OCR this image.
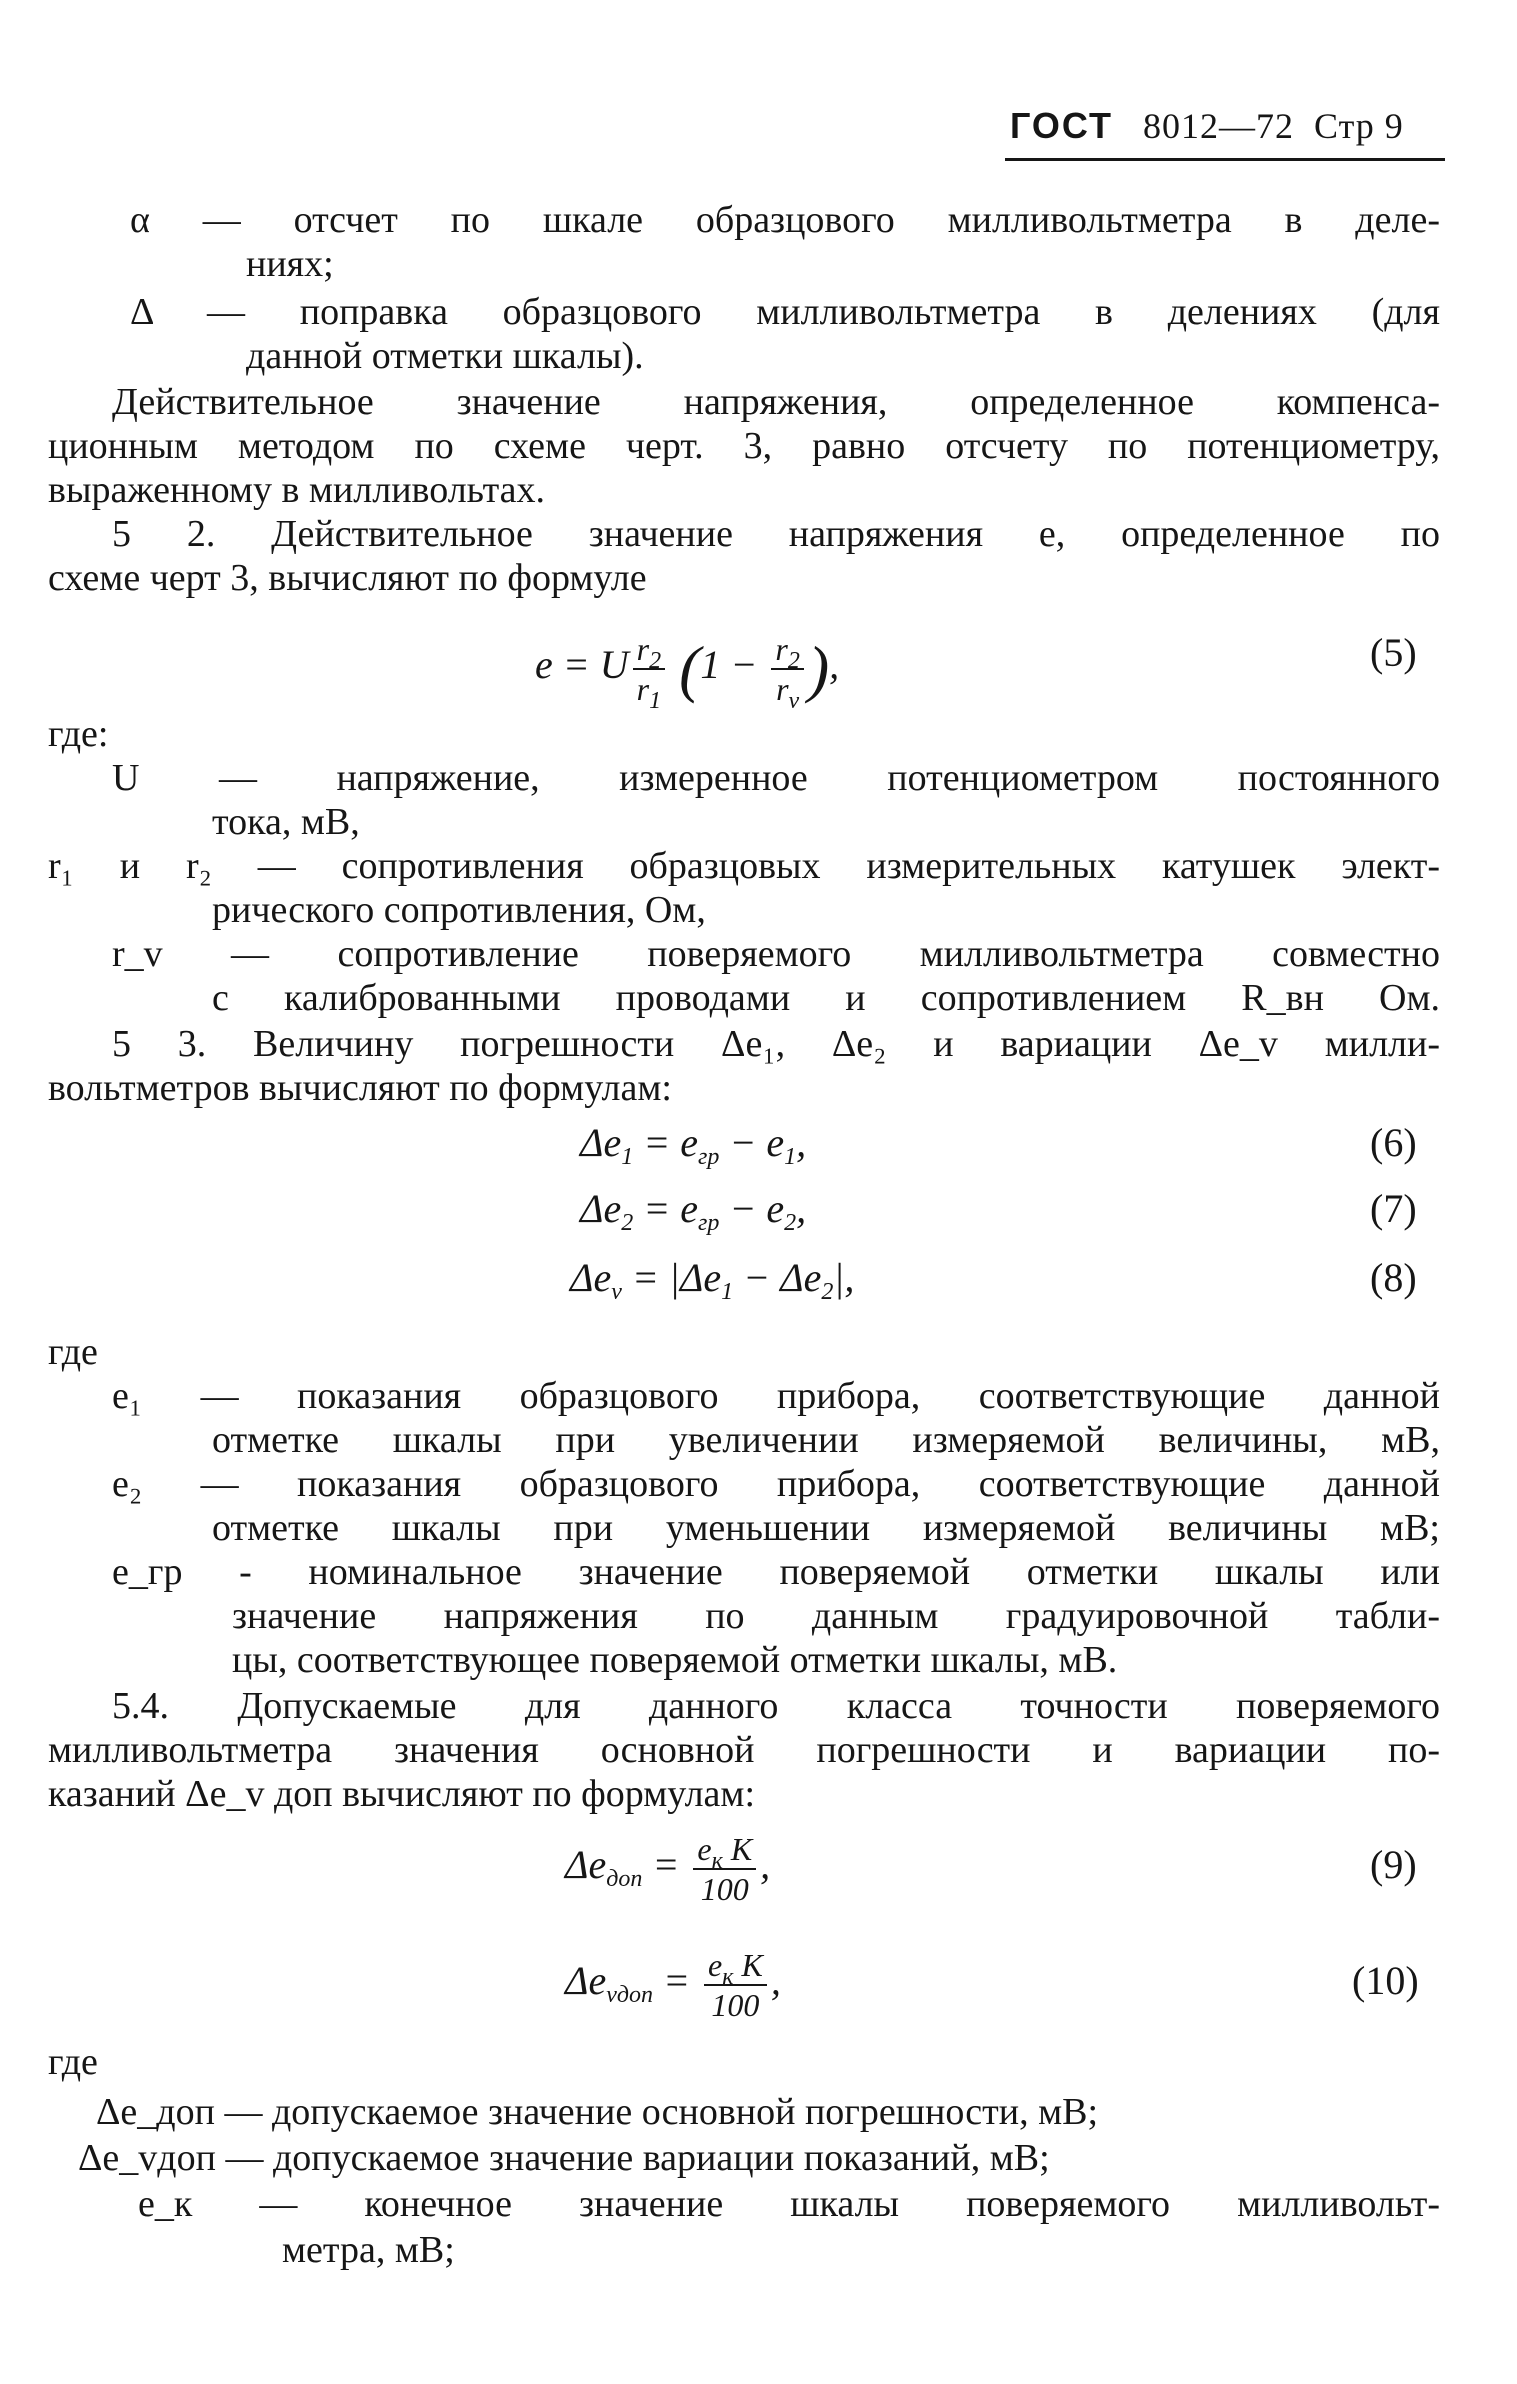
ГОСТ 8012—72 Стр 9
α — отсчет по шкале образцового милливольтметра в деле-
ниях;
Δ — поправка образцового милливольтметра в делениях (для
данной отметки шкалы).
Действительное значение напряжения, определенное компенса-
ционным методом по схеме черт. 3, равно отсчету по потенциометру,
выраженному в милливольтах.
5 2. Действительное значение напряжения е, определенное по
схеме черт 3, вычисляют по формуле
e = U $\frac{r_2}{r_1} (1 - \frac{r_2}{r_v}$ ),	(5)
где:
U — напряжение, измеренное потенциометром постоянного
тока, мВ,
r₁ и r₂ — сопротивления образцовых измерительных катушек элект-
рического сопротивления, Ом,
r_v — сопротивление поверяемого милливольтметра совместно
с калиброванными проводами и сопротивлением R_вн Ом.
5 3. Величину погрешности Δе₁, Δе₂ и вариации Δе_v милли-
вольтметров вычисляют по формулам:
$\Delta e_1 = e_{гр} - e_1$,	(6)
$\Delta e_2 = e_{гр} - e_2$,	(7)
$\Delta e_v = |\Delta e_1 - \Delta e_2|$,	(8)
где
е₁ — показания образцового прибора, соответствующие данной
отметке шкалы при увеличении измеряемой величины, мВ,
е₂ — показания образцового прибора, соответствующие данной
отметке шкалы при уменьшении измеряемой величины мВ;
е_гр - номинальное значение поверяемой отметки шкалы или
значение напряжения по данным градуировочной табли-
цы, соответствующее поверяемой отметки шкалы, мВ.
5.4. Допускаемые для данного класса точности поверяемого
милливольтметра значения основной погрешности и вариации по-
казаний Δе_v доп вычисляют по формулам:
$\Delta e_{доп} = \frac{e_к K}{100}$ ,	(9)
$\Delta e_{vдоп} = \frac{e_к K}{100}$ ,	(10)
где
Δе_доп — допускаемое значение основной погрешности, мВ;
Δе_vдоп — допускаемое значение вариации показаний, мВ;
е_к — конечное значение шкалы поверяемого милливольт-
метра, мВ;
